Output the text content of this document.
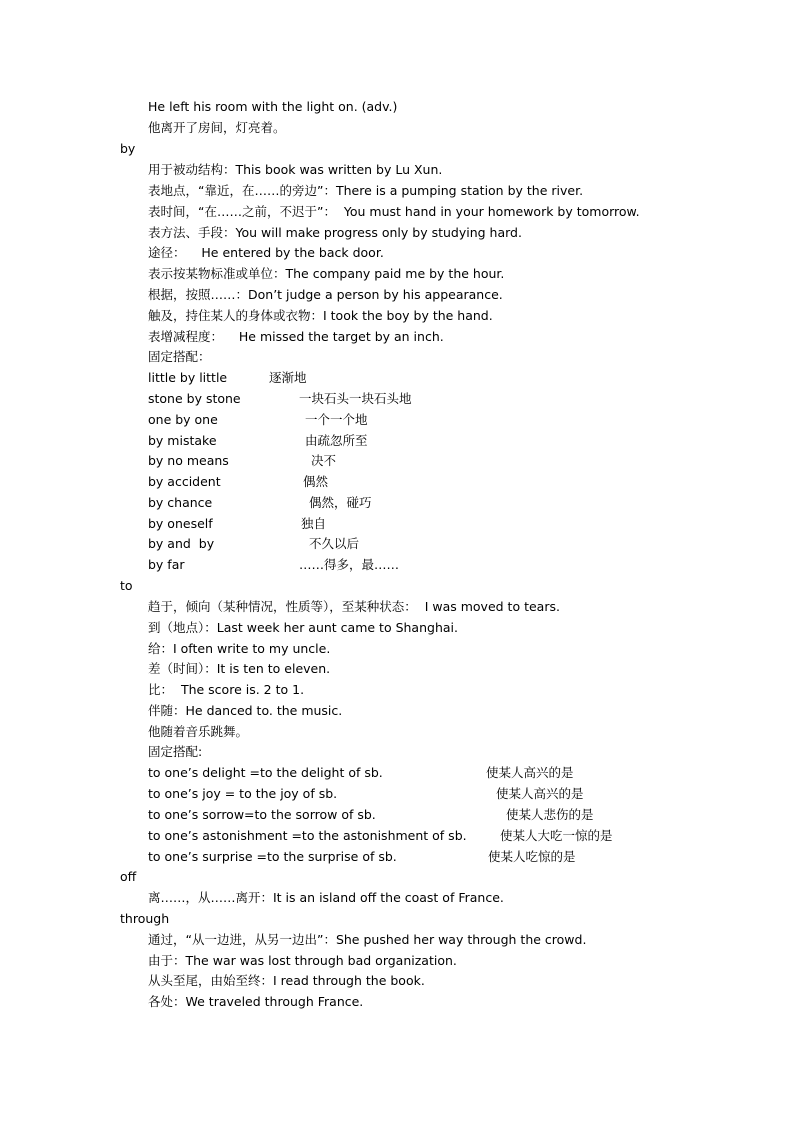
He left his room with the light on. (adv.)
他离开了房间，灯亮着。
by
用于被动结构：This book was written by Lu Xun.
表地点，“靠近，在……的旁边”：There is a pumping station by the river.
表时间，“在……之前，不迟于”：  You must hand in your homework by tomorrow.
表方法、手段：You will make progress only by studying hard.
途径：    He entered by the back door.
表示按某物标准或单位：The company paid me by the hour.
根据，按照……：Don’t judge a person by his appearance.
触及，持住某人的身体或衣物：I took the boy by the hand.
表增减程度：    He missed the target by an inch.
固定搭配：
little by little	逐渐地
stone by stone	一块石头一块石头地
one by one	一个一个地
by mistake	由疏忽所至
by no means	决不
by accident	偶然
by chance	偶然，碰巧
by oneself	独自
by and  by	不久以后
by far	……得多，最……
to
趋于，倾向（某种情况，性质等），至某种状态：  I was moved to tears.
到（地点）：Last week her aunt came to Shanghai.
给：I often write to my uncle.
差（时间）：It is ten to eleven.
比：  The score is. 2 to 1.
伴随：He danced to. the music.
他随着音乐跳舞。
固定搭配:
to one’s delight =to the delight of sb.	使某人高兴的是
to one’s joy = to the joy of sb.	使某人高兴的是
to one’s sorrow=to the sorrow of sb.	使某人悲伤的是
to one’s astonishment =to the astonishment of sb.	使某人大吃一惊的是
to one’s surprise =to the surprise of sb.	使某人吃惊的是
off
离……，从……离开：It is an island off the coast of France.
through
通过，“从一边进，从另一边出”：She pushed her way through the crowd.
由于：The war was lost through bad organization.
从头至尾，由始至终：I read through the book.
各处：We traveled through France.
